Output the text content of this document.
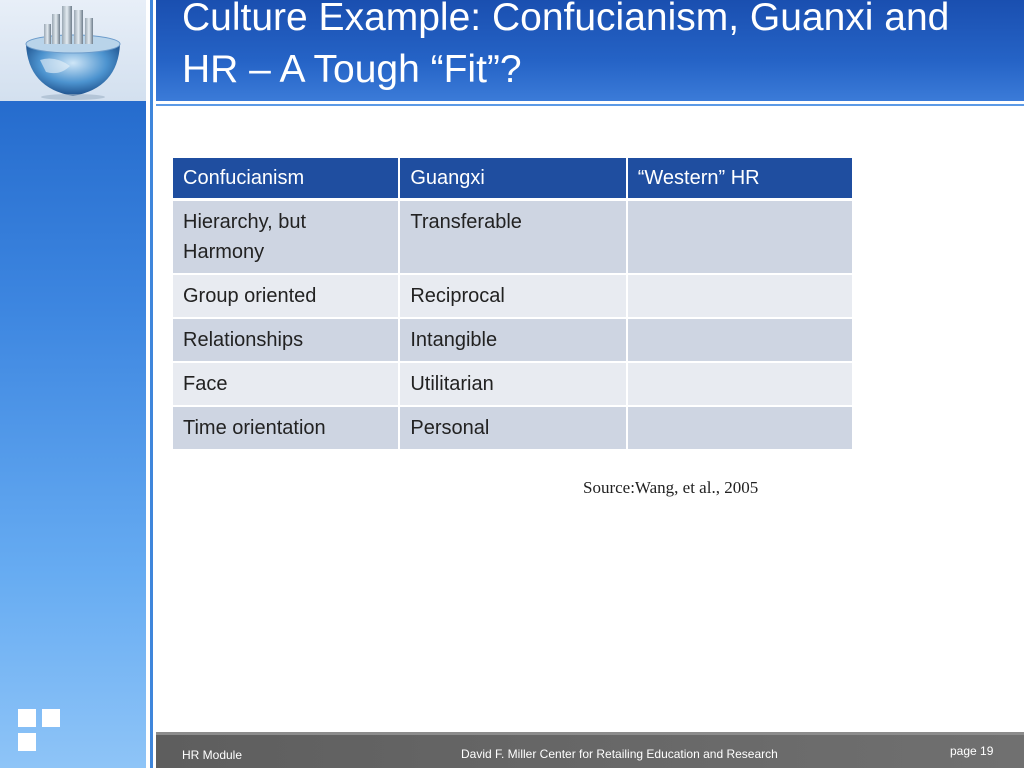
Culture Example: Confucianism, Guanxi and HR – A Tough “Fit”?
Confucianism	Guangxi	“Western” HR
Hierarchy, but Harmony	Transferable	
Group oriented	Reciprocal	
Relationships	Intangible	
Face	Utilitarian	
Time orientation	Personal	
Source:Wang, et al., 2005
HR Module	David F. Miller Center for Retailing Education and Research	page 19
